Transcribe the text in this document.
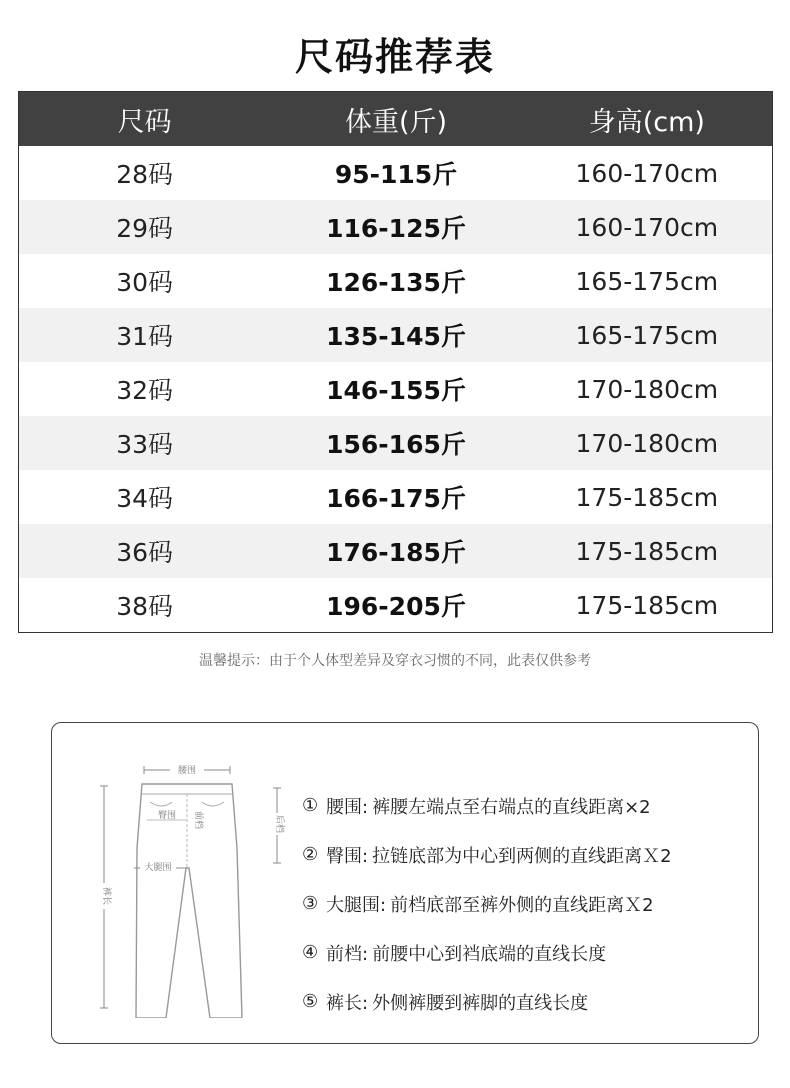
尺码推荐表
尺码	体重(斤)	身高(cm)
28码	95-115斤	160-170cm
29码	116-125斤	160-170cm
30码	126-135斤	165-175cm
31码	135-145斤	165-175cm
32码	146-155斤	170-180cm
33码	156-165斤	170-180cm
34码	166-175斤	175-185cm
36码	176-185斤	175-185cm
38码	196-205斤	175-185cm
温馨提示：由于个人体型差异及穿衣习惯的不同，此表仅供参考
腰围
臀围 前档	后档
大腿围
裤长
① 腰围: 裤腰左端点至右端点的直线距离×2
② 臀围: 拉链底部为中心到两侧的直线距离Ｘ2
③ 大腿围: 前档底部至裤外侧的直线距离Ｘ2
④ 前档: 前腰中心到裆底端的直线长度
⑤ 裤长: 外侧裤腰到裤脚的直线长度
